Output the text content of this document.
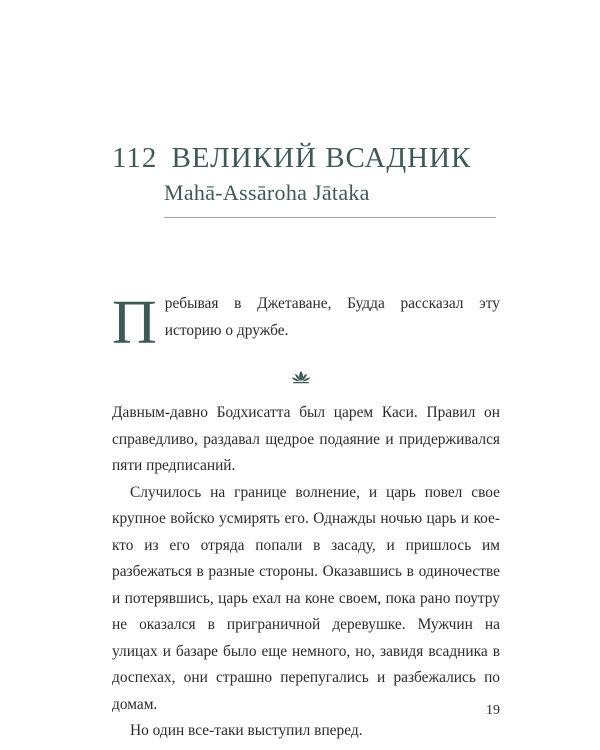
112 ВЕЛИКИЙ ВСАДНИК
Mahā-Assāroha Jātaka
Пребывая в Джетаване, Будда рассказал эту историю о дружбе.

Давным-давно Бодхисатта был царем Каси. Правил он справедливо, раздавал щедрое подаяние и придерживался пяти предписаний.

Случилось на границе волнение, и царь повел свое крупное войско усмирять его. Однажды ночью царь и кое-кто из его отряда попали в засаду, и пришлось им разбежаться в разные стороны. Оказавшись в одиночестве и потерявшись, царь ехал на коне своем, пока рано поутру не оказался в приграничной деревушке. Мужчин на улицах и базаре было еще немного, но, завидя всадника в доспехах, они страшно перепугались и разбежались по домам.

Но один все-таки выступил вперед.

19
